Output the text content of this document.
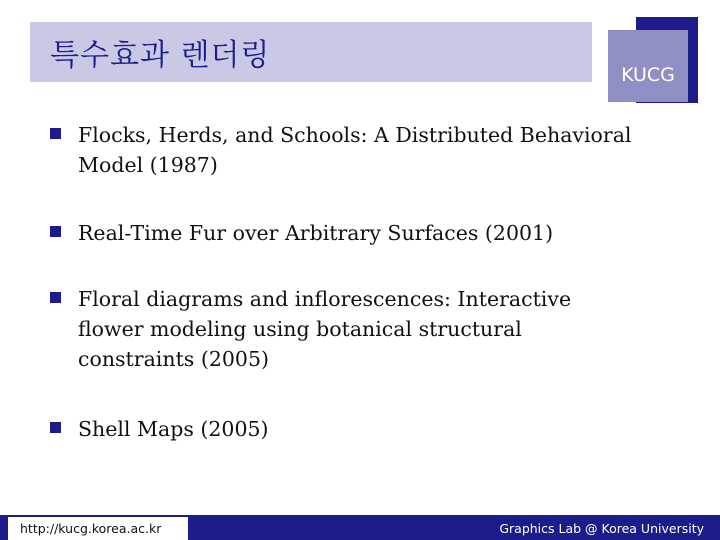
특수효과 렌더링
KUCG
Flocks, Herds, and Schools: A Distributed Behavioral Model (1987)
Real-Time Fur over Arbitrary Surfaces (2001)
Floral diagrams and inflorescences: Interactive flower modeling using botanical structural constraints (2005)
Shell Maps (2005)
http://kucg.korea.ac.kr	Graphics Lab @ Korea University
